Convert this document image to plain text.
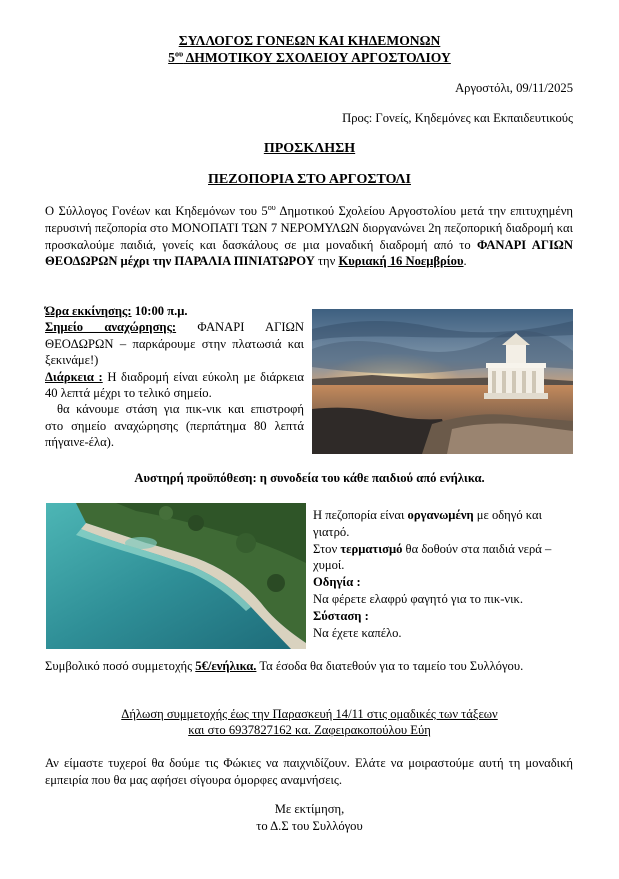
ΣΥΛΛΟΓΟΣ ΓΟΝΕΩΝ ΚΑΙ ΚΗΔΕΜΟΝΩΝ
$5^{o\upsilon}$ ΔΗΜΟΤΙΚΟΥ ΣΧΟΛΕΙΟΥ ΑΡΓΟΣΤΟΛΙΟΥ
Αργοστόλι, 09/11/2025
Προς: Γονείς, Κηδεμόνες και Εκπαιδευτικούς
ΠΡΟΣΚΛΗΣΗ
ΠΕΖΟΠΟΡΙΑ ΣΤΟ ΑΡΓΟΣΤΟΛΙ
Ο Σύλλογος Γονέων και Κηδεμόνων του $5^{o\upsilon}$ Δημοτικού Σχολείου Αργοστολίου μετά την επιτυχημένη περυσινή πεζοπορία στο ΜΟΝΟΠΑΤΙ ΤΩΝ 7 ΝΕΡΟΜΥΛΩΝ διοργανώνει 2η πεζοπορική διαδρομή και προσκαλούμε παιδιά, γονείς και δασκάλους σε μια μοναδική διαδρομή από το ΦΑΝΑΡΙ ΑΓΙΩΝ ΘΕΟΔΩΡΩΝ μέχρι την ΠΑΡΑΛΙΑ ΠΙΝΙΑΤΩΡΟΥ την Κυριακή 16 Νοεμβρίου.
Ώρα εκκίνησης: 10:00 π.μ.
Σημείο αναχώρησης: ΦΑΝΑΡΙ ΑΓΙΩΝ ΘΕΟΔΩΡΩΝ – παρκάρουμε στην πλατωσιά και ξεκινάμε!)
Διάρκεια : Η διαδρομή είναι εύκολη με διάρκεια 40 λεπτά μέχρι το τελικό σημείο.
θα κάνουμε στάση για πικ-νικ και επιστροφή στο σημείο αναχώρησης (περπάτημα 80 λεπτά πήγαινε-έλα).
Αυστηρή προϋπόθεση: η συνοδεία του κάθε παιδιού από ενήλικα.
Η πεζοπορία είναι οργανωμένη με οδηγό και γιατρό.
Στον τερματισμό θα δοθούν στα παιδιά νερά – χυμοί.
Οδηγία :
Να φέρετε ελαφρύ φαγητό για το πικ-νικ.
Σύσταση :
Να έχετε καπέλο.
Συμβολικό ποσό συμμετοχής 5€/ενήλικα. Τα έσοδα θα διατεθούν για το ταμείο του Συλλόγου.
Δήλωση συμμετοχής έως την Παρασκευή 14/11 στις ομαδικές των τάξεων
και στο 6937827162 κα. Ζαφειρακοπούλου Εύη
Αν είμαστε τυχεροί θα δούμε τις Φώκιες να παιχνιδίζουν. Ελάτε να μοιραστούμε αυτή τη μοναδική εμπειρία που θα μας αφήσει σίγουρα όμορφες αναμνήσεις.
Με εκτίμηση,
το Δ.Σ του Συλλόγου
